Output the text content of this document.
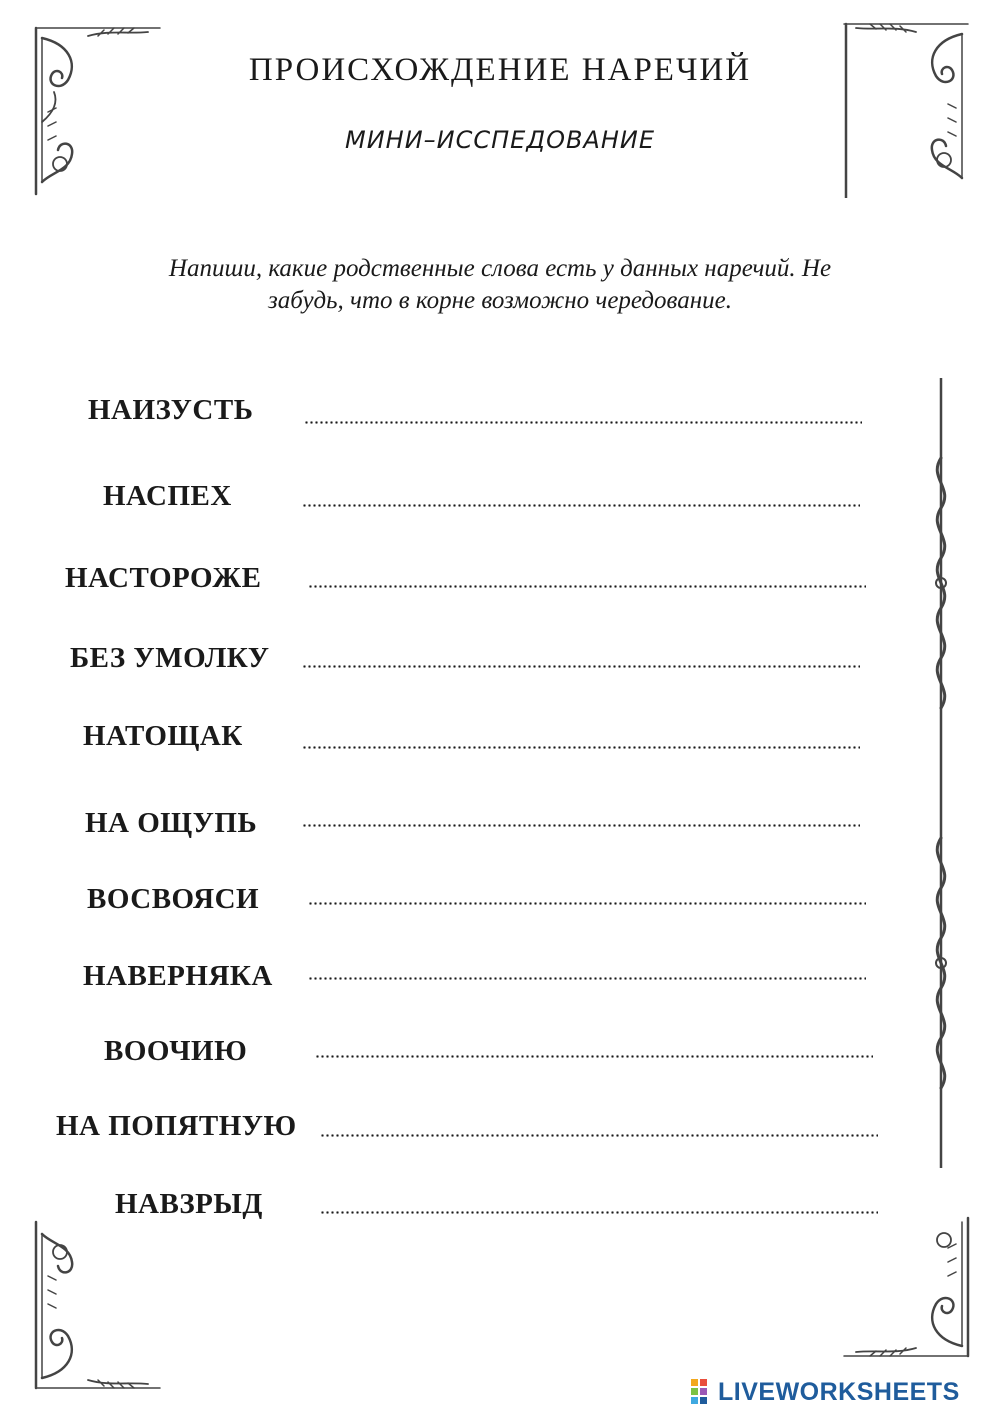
ПРОИСХОЖДЕНИЕ НАРЕЧИЙ
МИНИ–ИССПЕДОВАНИЕ
Напиши, какие родственные слова есть у данных наречий. Не
забудь, что в корне возможно чередование.
НАИЗУСТЬ
НАСПЕХ
НАСТОРОЖЕ
БЕЗ УМОЛКУ
НАТОЩАК
НА ОЩУПЬ
ВОСВОЯСИ
НАВЕРНЯКА
ВООЧИЮ
НА ПОПЯТНУЮ
НАВЗРЫД
LIVEWORKSHEETS
